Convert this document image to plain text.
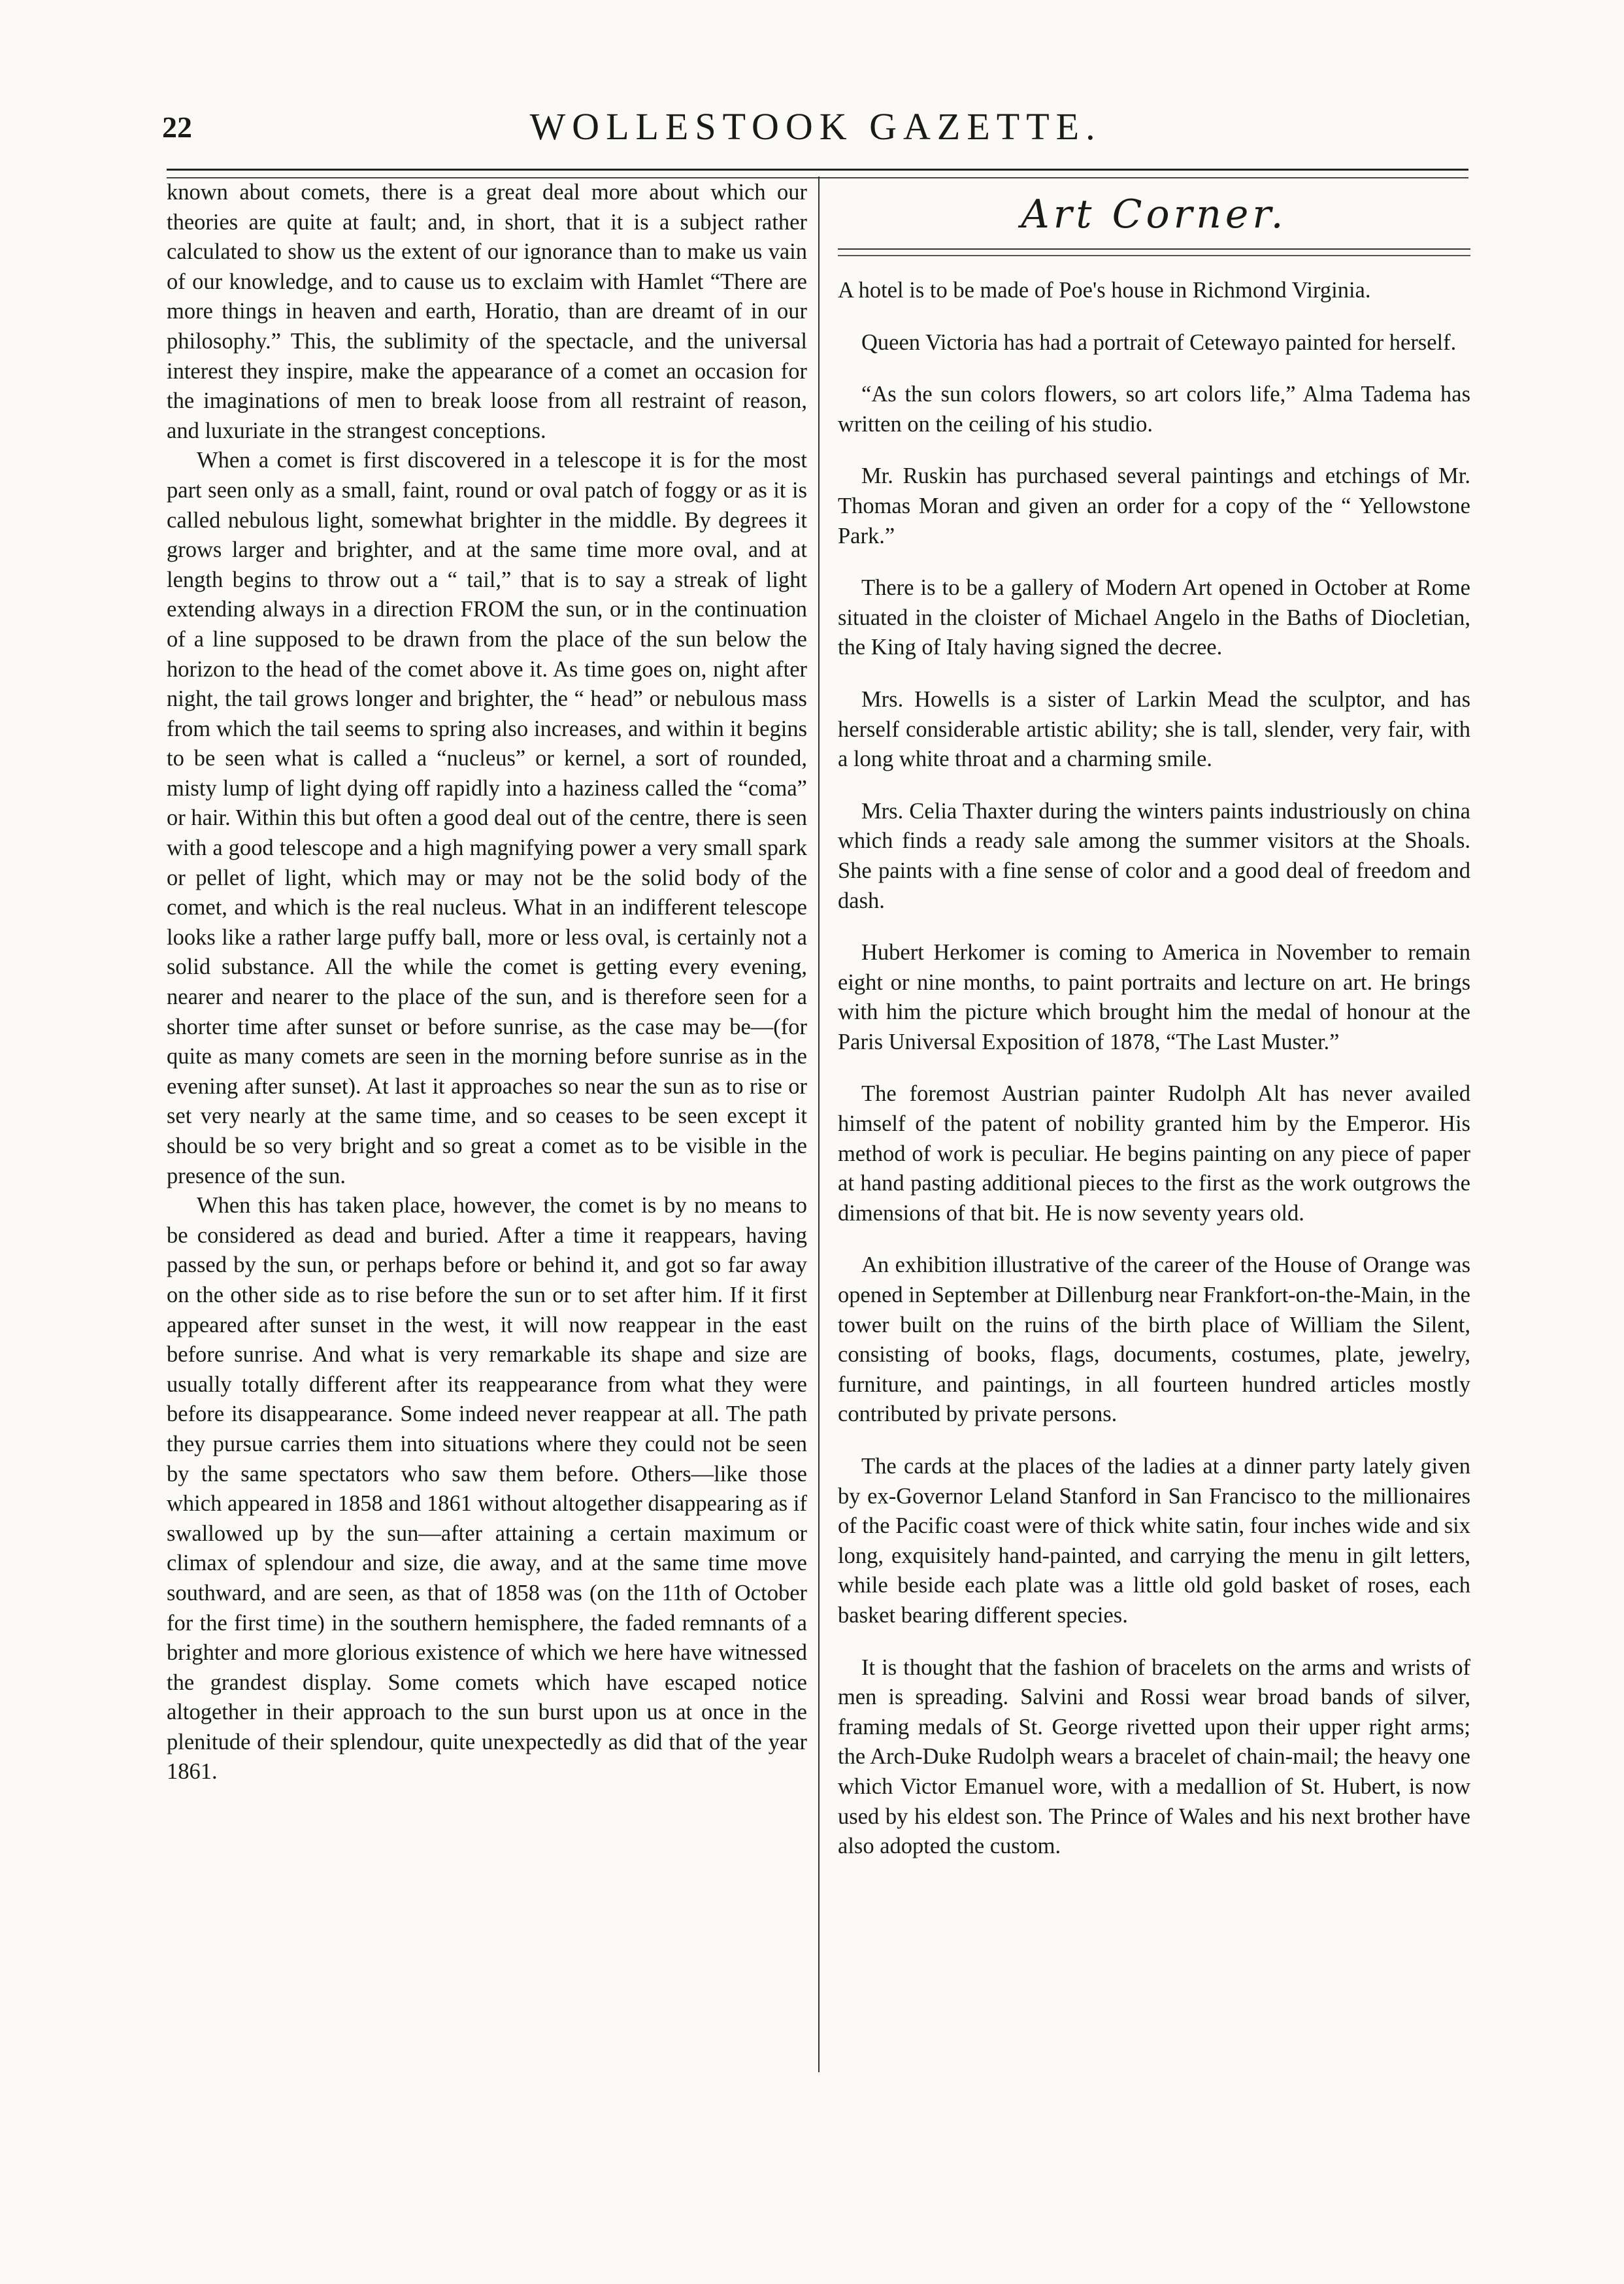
22	WOLLESTOOK GAZETTE.

known about comets, there is a great deal more about which our theories are quite at fault; and, in short, that it is a subject rather calculated to show us the extent of our ignorance than to make us vain of our knowledge, and to cause us to exclaim with Hamlet “There are more things in heaven and earth, Horatio, than are dreamt of in our philosophy.” This, the sublimity of the spectacle, and the universal interest they inspire, make the appearance of a comet an occasion for the imaginations of men to break loose from all restraint of reason, and luxuriate in the strangest conceptions.

When a comet is first discovered in a telescope it is for the most part seen only as a small, faint, round or oval patch of foggy or as it is called nebulous light, somewhat brighter in the middle. By degrees it grows larger and brighter, and at the same time more oval, and at length begins to throw out a “ tail,” that is to say a streak of light extending always in a direction FROM the sun, or in the continuation of a line supposed to be drawn from the place of the sun below the horizon to the head of the comet above it. As time goes on, night after night, the tail grows longer and brighter, the “ head” or nebulous mass from which the tail seems to spring also increases, and within it begins to be seen what is called a “nucleus” or kernel, a sort of rounded, misty lump of light dying off rapidly into a haziness called the “coma” or hair. Within this but often a good deal out of the centre, there is seen with a good telescope and a high magnifying power a very small spark or pellet of light, which may or may not be the solid body of the comet, and which is the real nucleus. What in an indifferent telescope looks like a rather large puffy ball, more or less oval, is certainly not a solid substance. All the while the comet is getting every evening, nearer and nearer to the place of the sun, and is therefore seen for a shorter time after sunset or before sunrise, as the case may be—(for quite as many comets are seen in the morning before sunrise as in the evening after sunset). At last it approaches so near the sun as to rise or set very nearly at the same time, and so ceases to be seen except it should be so very bright and so great a comet as to be visible in the presence of the sun.

When this has taken place, however, the comet is by no means to be considered as dead and buried. After a time it reappears, having passed by the sun, or perhaps before or behind it, and got so far away on the other side as to rise before the sun or to set after him. If it first appeared after sunset in the west, it will now reappear in the east before sunrise. And what is very remarkable its shape and size are usually totally different after its reappearance from what they were before its disappearance. Some indeed never reappear at all. The path they pursue carries them into situations where they could not be seen by the same spectators who saw them before. Others—like those which appeared in 1858 and 1861 without altogether disappearing as if swallowed up by the sun—after attaining a certain maximum or climax of splendour and size, die away, and at the same time move southward, and are seen, as that of 1858 was (on the 11th of October for the first time) in the southern hemisphere, the faded remnants of a brighter and more glorious existence of which we here have witnessed the grandest display. Some comets which have escaped notice altogether in their approach to the sun burst upon us at once in the plenitude of their splendour, quite unexpectedly as did that of the year 1861.

Art Corner.

A hotel is to be made of Poe's house in Richmond Virginia.

Queen Victoria has had a portrait of Cetewayo painted for herself.

“As the sun colors flowers, so art colors life,” Alma Tadema has written on the ceiling of his studio.

Mr. Ruskin has purchased several paintings and etchings of Mr. Thomas Moran and given an order for a copy of the “ Yellowstone Park.”

There is to be a gallery of Modern Art opened in October at Rome situated in the cloister of Michael Angelo in the Baths of Diocletian, the King of Italy having signed the decree.

Mrs. Howells is a sister of Larkin Mead the sculptor, and has herself considerable artistic ability; she is tall, slender, very fair, with a long white throat and a charming smile.

Mrs. Celia Thaxter during the winters paints industriously on china which finds a ready sale among the summer visitors at the Shoals. She paints with a fine sense of color and a good deal of freedom and dash.

Hubert Herkomer is coming to America in November to remain eight or nine months, to paint portraits and lecture on art. He brings with him the picture which brought him the medal of honour at the Paris Universal Exposition of 1878, “The Last Muster.”

The foremost Austrian painter Rudolph Alt has never availed himself of the patent of nobility granted him by the Emperor. His method of work is peculiar. He begins painting on any piece of paper at hand pasting additional pieces to the first as the work outgrows the dimensions of that bit. He is now seventy years old.

An exhibition illustrative of the career of the House of Orange was opened in September at Dillenburg near Frankfort-on-the-Main, in the tower built on the ruins of the birth place of William the Silent, consisting of books, flags, documents, costumes, plate, jewelry, furniture, and paintings, in all fourteen hundred articles mostly contributed by private persons.

The cards at the places of the ladies at a dinner party lately given by ex-Governor Leland Stanford in San Francisco to the millionaires of the Pacific coast were of thick white satin, four inches wide and six long, exquisitely hand-painted, and carrying the menu in gilt letters, while beside each plate was a little old gold basket of roses, each basket bearing different species.

It is thought that the fashion of bracelets on the arms and wrists of men is spreading. Salvini and Rossi wear broad bands of silver, framing medals of St. George rivetted upon their upper right arms; the Arch-Duke Rudolph wears a bracelet of chain-mail; the heavy one which Victor Emanuel wore, with a medallion of St. Hubert, is now used by his eldest son. The Prince of Wales and his next brother have also adopted the custom.
